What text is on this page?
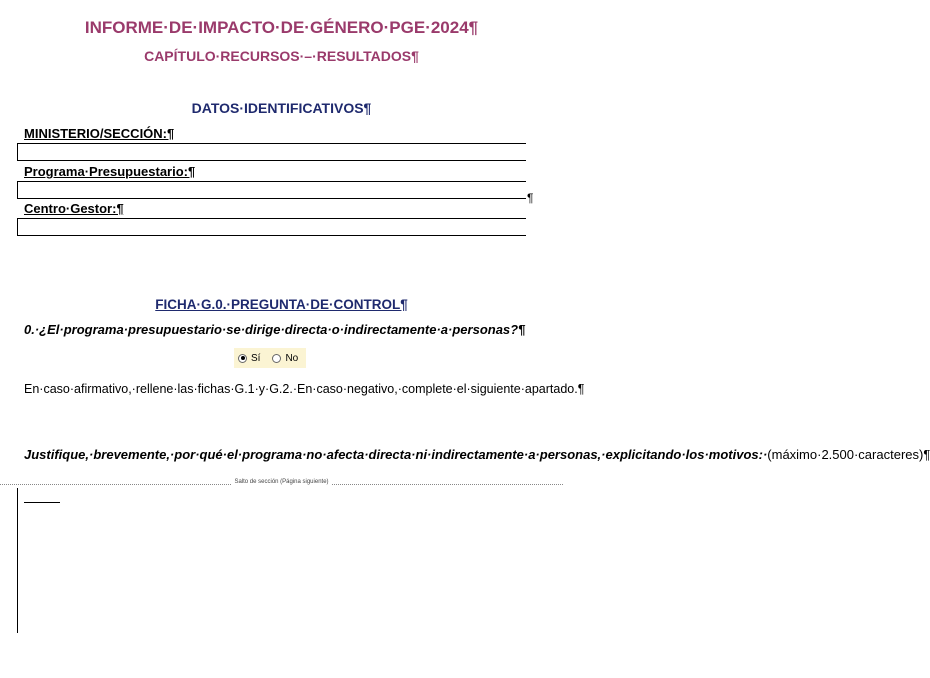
INFORME·DE·IMPACTO·DE·GÉNERO·PGE·2024¶
CAPÍTULO·RECURSOS·–·RESULTADOS¶
DATOS·IDENTIFICATIVOS¶
MINISTERIO/SECCIÓN:¶
Programa·Presupuestario:¶
¶
Centro·Gestor:¶
FICHA·G.0.·PREGUNTA·DE·CONTROL¶
0.·¿El·programa·presupuestario·se·dirige·directa·o·indirectamente·a·personas?¶
Sí	No
En·caso·afirmativo,·rellene·las·fichas·G.1·y·G.2.·En·caso·negativo,·complete·el·siguiente·apartado.¶
Justifique,·brevemente,·por·qué·el·programa·no·afecta·directa·ni·indirectamente·a·personas,·explicitando·los·motivos:·(máximo·2.500·caracteres)¶
Salto de sección (Página siguiente)
